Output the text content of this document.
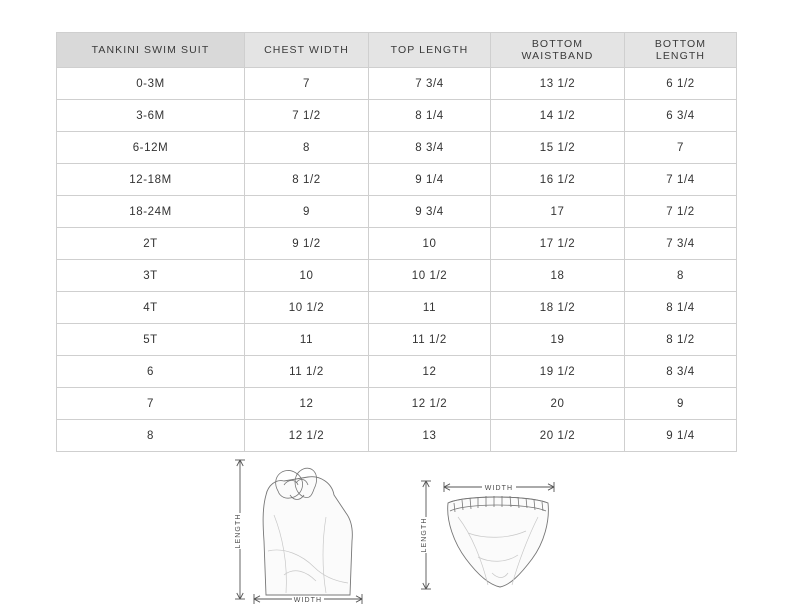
TANKINI SWIM SUIT	CHEST WIDTH	TOP LENGTH	BOTTOM WAISTBAND	BOTTOM LENGTH
0-3M	7	7 3/4	13 1/2	6 1/2
3-6M	7 1/2	8 1/4	14 1/2	6 3/4
6-12M	8	8 3/4	15 1/2	7
12-18M	8 1/2	9 1/4	16 1/2	7 1/4
18-24M	9	9 3/4	17	7 1/2
2T	9 1/2	10	17 1/2	7 3/4
3T	10	10 1/2	18	8
4T	10 1/2	11	18 1/2	8 1/4
5T	11	11 1/2	19	8 1/2
6	11 1/2	12	19 1/2	8 3/4
7	12	12 1/2	20	9
8	12 1/2	13	20 1/2	9 1/4
LENGTH
WIDTH
LENGTH
WIDTH
